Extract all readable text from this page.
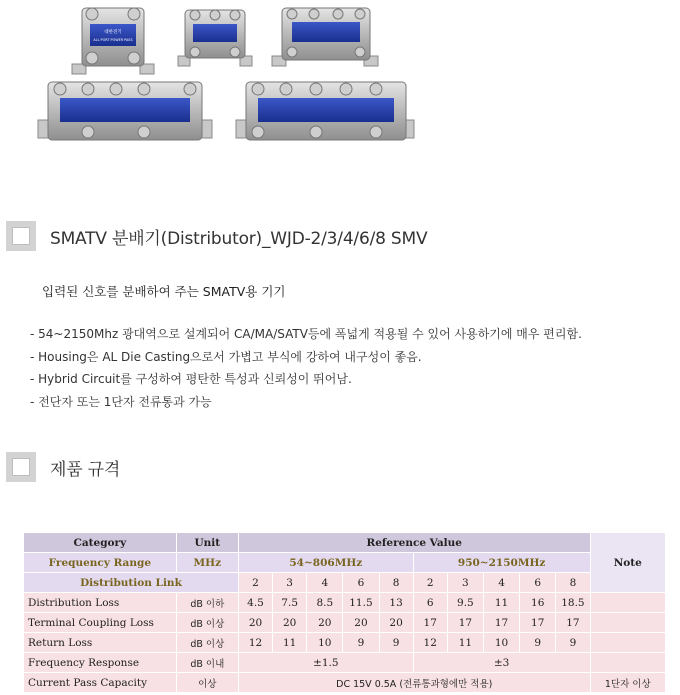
대한전기
ALL PORT POWER PASS
SMATV 분배기(Distributor)_WJD-2/3/4/6/8 SMV
입력된 신호를 분배하여 주는 SMATV용 기기
- 54~2150Mhz 광대역으로 설계되어 CA/MA/SATV등에 폭넓게 적용될 수 있어 사용하기에 매우 편리함.
- Housing은 AL Die Casting으로서 가볍고 부식에 강하여 내구성이 좋음.
- Hybrid Circuit를 구성하여 평탄한 특성과 신뢰성이 뛰어남.
- 전단자 또는 1단자 전류통과 가능
제품 규격
Category	Unit	Reference Value										Note
Frequency Range	MHz	54~806MHz					950~2150MHz					
Distribution Link		2	3	4	6	8	2	3	4	6	8	
Distribution Loss	dB 이하	4.5	7.5	8.5	11.5	13	6	9.5	11	16	18.5	
Terminal Coupling Loss	dB 이상	20	20	20	20	20	17	17	17	17	17	
Return Loss	dB 이상	12	11	10	9	9	12	11	10	9	9	
Frequency Response	dB 이내	±1.5					±3					
Current Pass Capacity	이상	DC 15V 0.5A (전류통과형에만 적용)										1단자 이상
